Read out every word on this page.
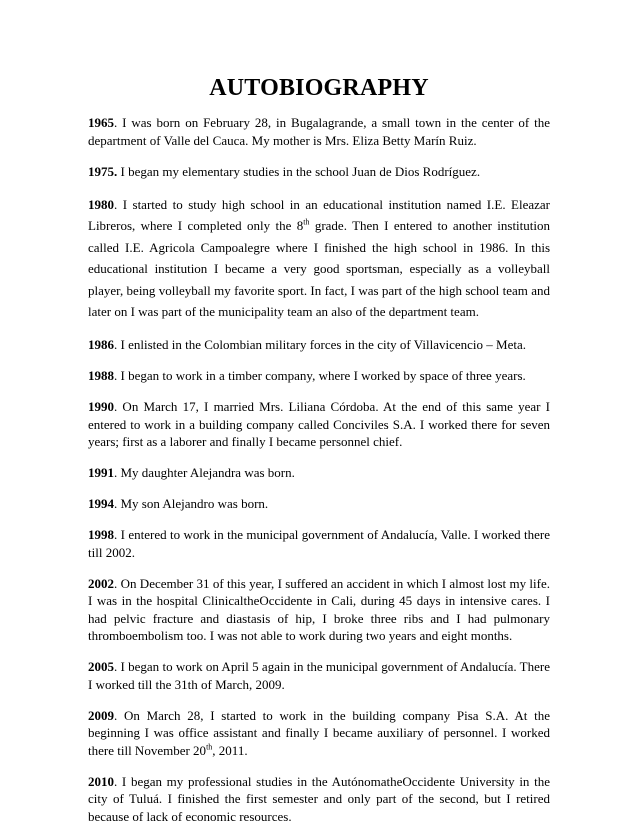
AUTOBIOGRAPHY

1965. I was born on February 28, in Bugalagrande, a small town in the center of the department of Valle del Cauca. My mother is Mrs. Eliza Betty Marín Ruiz.

1975. I began my elementary studies in the school Juan de Dios Rodríguez.

1980. I started to study high school in an educational institution named I.E. Eleazar Libreros, where I completed only the 8th grade. Then I entered to another institution called I.E. Agricola Campoalegre where I finished the high school in 1986. In this educational institution I became a very good sportsman, especially as a volleyball player, being volleyball my favorite sport. In fact, I was part of the high school team and later on I was part of the municipality team an also of the department team.

1986. I enlisted in the Colombian military forces in the city of Villavicencio – Meta.

1988. I began to work in a timber company, where I worked by space of three years.

1990. On March 17, I married Mrs. Liliana Córdoba. At the end of this same year I entered to work in a building company called Conciviles S.A. I worked there for seven years; first as a laborer and finally I became personnel chief.

1991. My daughter Alejandra was born.

1994. My son Alejandro was born.

1998. I entered to work in the municipal government of Andalucía, Valle. I worked there till 2002.

2002. On December 31 of this year, I suffered an accident in which I almost lost my life. I was in the hospital ClinicaltheOccidente in Cali, during 45 days in intensive cares. I had pelvic fracture and diastasis of hip, I broke three ribs and I had pulmonary thromboembolism too. I was not able to work during two years and eight months.

2005. I began to work on April 5 again in the municipal government of Andalucía. There I worked till the 31th of March, 2009.

2009. On March 28, I started to work in the building company Pisa S.A. At the beginning I was office assistant and finally I became auxiliary of personnel. I worked there till November 20th, 2011.

2010. I began my professional studies in the AutónomatheOccidente University in the city of Tuluá. I finished the first semester and only part of the second, but I retired because of lack of economic resources.
